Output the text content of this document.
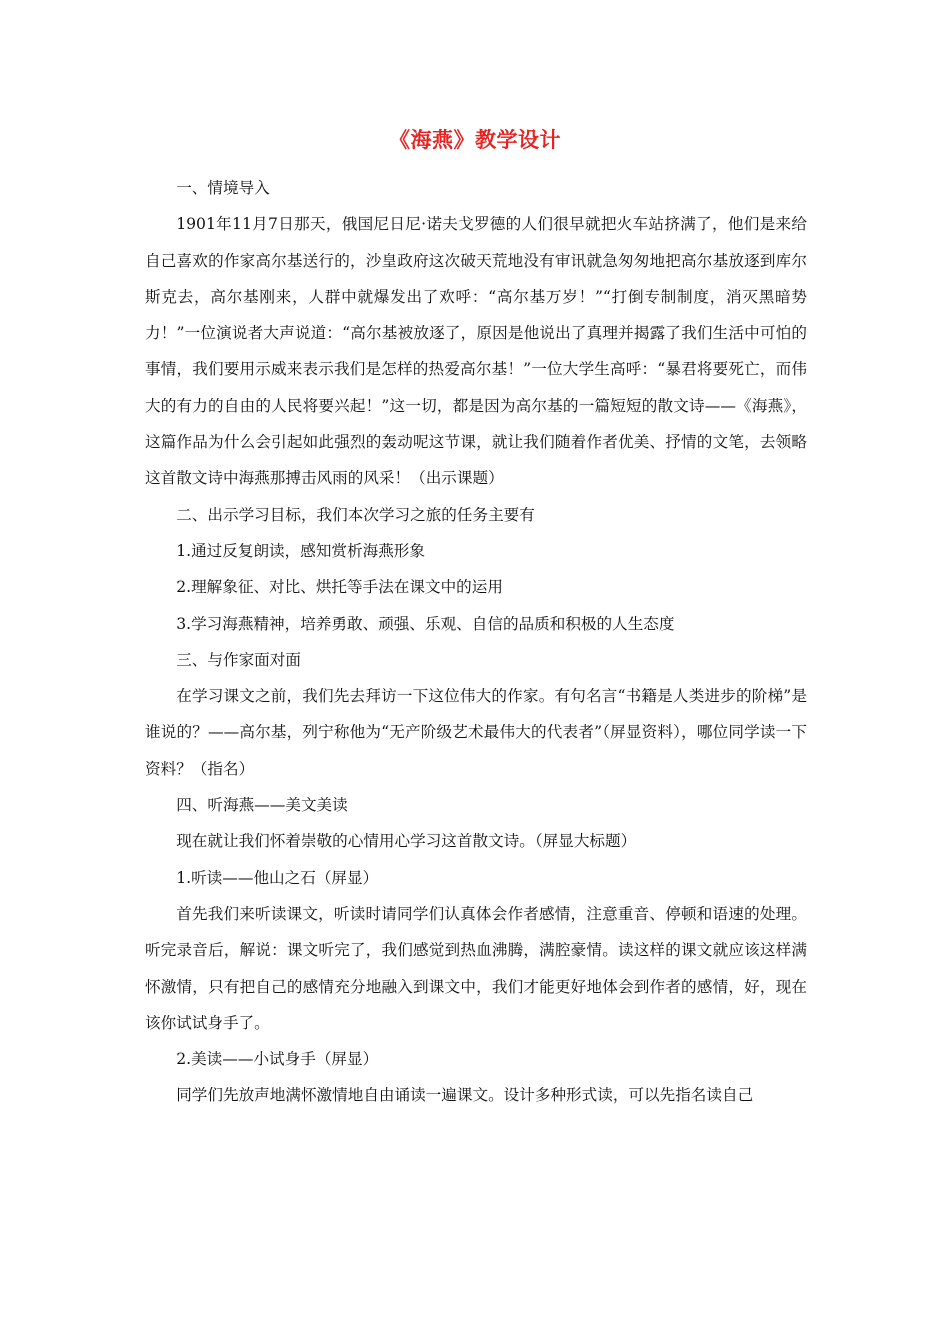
《海燕》教学设计

一、情境导入

1901年11月7日那天，俄国尼日尼·诺夫戈罗德的人们很早就把火车站挤满了，他们是来给自己喜欢的作家高尔基送行的，沙皇政府这次破天荒地没有审讯就急匆匆地把高尔基放逐到库尔斯克去，高尔基刚来，人群中就爆发出了欢呼：“高尔基万岁！”“打倒专制制度，消灭黑暗势力！”一位演说者大声说道：“高尔基被放逐了，原因是他说出了真理并揭露了我们生活中可怕的事情，我们要用示威来表示我们是怎样的热爱高尔基！”一位大学生高呼：“暴君将要死亡，而伟大的有力的自由的人民将要兴起！”这一切，都是因为高尔基的一篇短短的散文诗——《海燕》，这篇作品为什么会引起如此强烈的轰动呢这节课，就让我们随着作者优美、抒情的文笔，去领略这首散文诗中海燕那搏击风雨的风采！（出示课题）

二、出示学习目标，我们本次学习之旅的任务主要有

1.通过反复朗读，感知赏析海燕形象

2.理解象征、对比、烘托等手法在课文中的运用

3.学习海燕精神，培养勇敢、顽强、乐观、自信的品质和积极的人生态度

三、与作家面对面

在学习课文之前，我们先去拜访一下这位伟大的作家。有句名言“书籍是人类进步的阶梯”是谁说的？——高尔基，列宁称他为“无产阶级艺术最伟大的代表者”（屏显资料），哪位同学读一下资料？（指名）

四、听海燕——美文美读

现在就让我们怀着崇敬的心情用心学习这首散文诗。（屏显大标题）

1.听读——他山之石（屏显）

首先我们来听读课文，听读时请同学们认真体会作者感情，注意重音、停顿和语速的处理。听完录音后，解说：课文听完了，我们感觉到热血沸腾，满腔豪情。读这样的课文就应该这样满怀激情，只有把自己的感情充分地融入到课文中，我们才能更好地体会到作者的感情，好，现在该你试试身手了。

2.美读——小试身手（屏显）

同学们先放声地满怀激情地自由诵读一遍课文。设计多种形式读，可以先指名读自己
